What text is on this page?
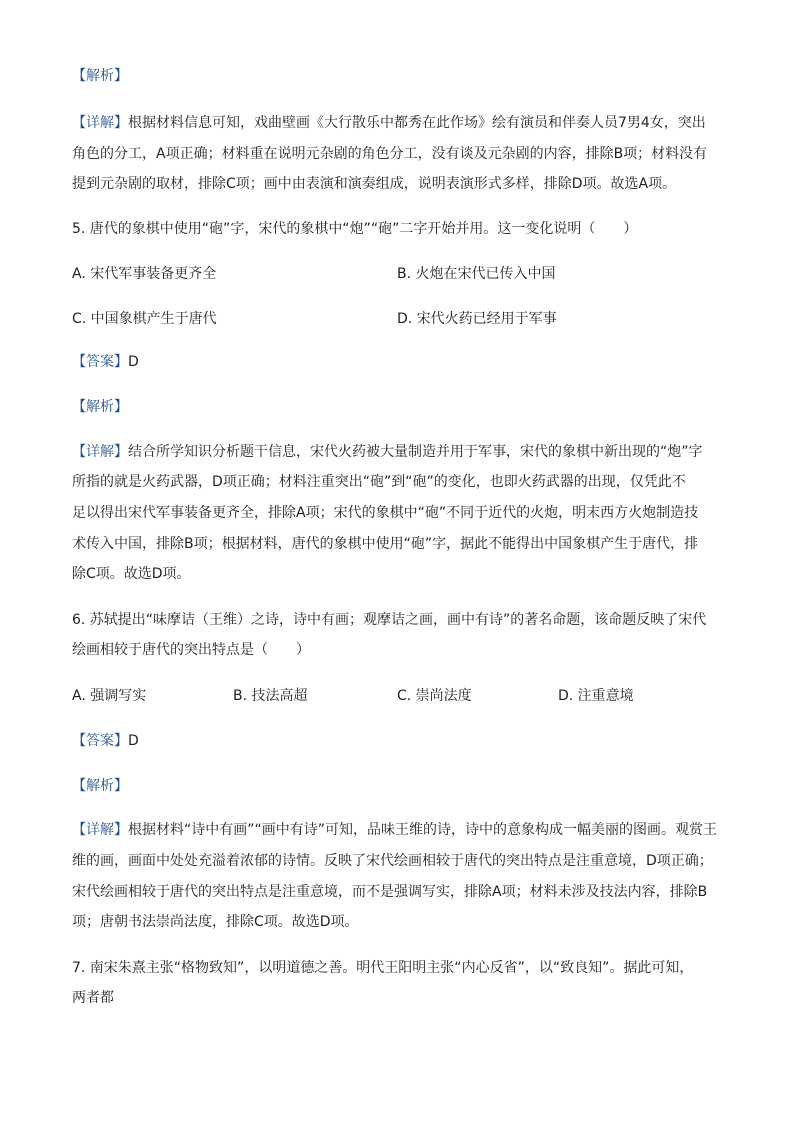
【解析】
【详解】根据材料信息可知，戏曲壁画《大行散乐中都秀在此作场》绘有演员和伴奏人员7男4女，突出
角色的分工，A项正确；材料重在说明元杂剧的角色分工，没有谈及元杂剧的内容，排除B项；材料没有
提到元杂剧的取材，排除C项；画中由表演和演奏组成，说明表演形式多样，排除D项。故选A项。
5. 唐代的象棋中使用“砲”字，宋代的象棋中“炮”“砲”二字开始并用。这一变化说明（　　）
A. 宋代军事装备更齐全	B. 火炮在宋代已传入中国
C. 中国象棋产生于唐代	D. 宋代火药已经用于军事
【答案】D
【解析】
【详解】结合所学知识分析题干信息，宋代火药被大量制造并用于军事，宋代的象棋中新出现的“炮”字
所指的就是火药武器，D项正确；材料注重突出“砲”到“砲”的变化，也即火药武器的出现，仅凭此不
足以得出宋代军事装备更齐全，排除A项；宋代的象棋中“砲”不同于近代的火炮，明末西方火炮制造技
术传入中国，排除B项；根据材料，唐代的象棋中使用“砲”字，据此不能得出中国象棋产生于唐代，排
除C项。故选D项。
6. 苏轼提出“味摩诘（王维）之诗，诗中有画；观摩诘之画，画中有诗”的著名命题，该命题反映了宋代
绘画相较于唐代的突出特点是（　　）
A. 强调写实	B. 技法高超	C. 崇尚法度	D. 注重意境
【答案】D
【解析】
【详解】根据材料“诗中有画”“画中有诗”可知，品味王维的诗，诗中的意象构成一幅美丽的图画。观赏王
维的画，画面中处处充溢着浓郁的诗情。反映了宋代绘画相较于唐代的突出特点是注重意境，D项正确；
宋代绘画相较于唐代的突出特点是注重意境，而不是强调写实，排除A项；材料未涉及技法内容，排除B
项；唐朝书法崇尚法度，排除C项。故选D项。
7. 南宋朱熹主张“格物致知”，以明道德之善。明代王阳明主张“内心反省”，以“致良知”。据此可知，
两者都
